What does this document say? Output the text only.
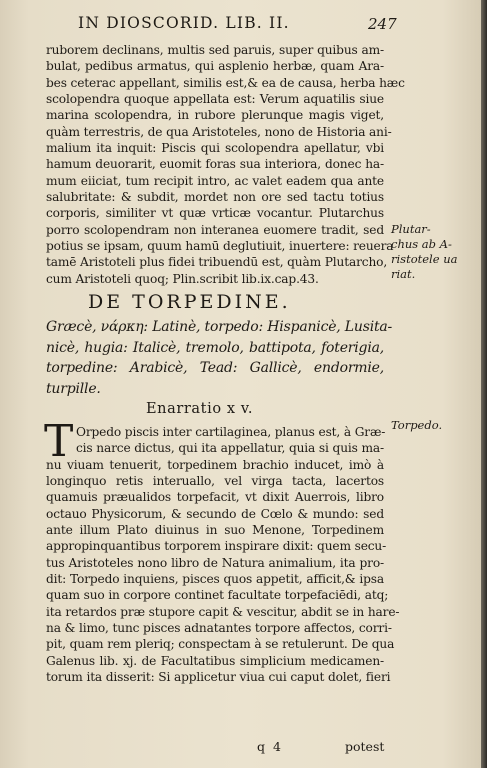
IN DIOSCORID. LIB. II.	247
ruborem declinans, multis sed paruis, super quibus am-
bulat, pedibus armatus, qui asplenio herbæ, quam Ara-
bes ceterac appellant, similis est,& ea de causa, herba hæc
scolopendra quoque appellata est: Verum aquatilis siue
marina scolopendra, in rubore plerunque magis viget,
quàm terrestris, de qua Aristoteles, nono de Historia ani-
malium ita inquit: Piscis qui scolopendra apellatur, vbi
hamum deuorarit, euomit foras sua interiora, donec ha-
mum eiiciat, tum recipit intro, ac valet eadem qua ante
salubritate: & subdit, mordet non ore sed tactu totius
corporis, similiter vt quæ vrticæ vocantur. Plutarchus
porro scolopendram non interanea euomere tradit, sed
potius se ipsam, quum hamū deglutiuit, inuertere: reuera
tamē Aristoteli plus fidei tribuendū est, quàm Plutarcho,
cum Aristoteli quoq; Plin.scribit lib.ix.cap.43.
Plutar-
chus ab A-
ristotele ua
riat.
DE TORPEDINE.
Græcè, νάρκη: Latinè, torpedo: Hispanicè, Lusita-
nicè, hugia: Italicè, tremolo, battipota, foterigia,
torpedine: Arabicè, Tead: Gallicè, endormie,
turpille.
Enarratio x v.
T Orpedo piscis inter cartilaginea, planus est, à Græ-
cis narce dictus, qui ita appellatur, quia si quis ma-
nu viuam tenuerit, torpedinem brachio inducet, imò à
longinquo retis interuallo, vel virga tacta, lacertos
quamuis præualidos torpefacit, vt dixit Auerrois, libro
octauo Physicorum, & secundo de Cœlo & mundo: sed
ante illum Plato diuinus in suo Menone, Torpedinem
appropinquantibus torporem inspirare dixit: quem secu-
tus Aristoteles nono libro de Natura animalium, ita pro-
dit: Torpedo inquiens, pisces quos appetit, afficit,& ipsa
quam suo in corpore continet facultate torpefaciēdi, atq;
ita retardos præ stupore capit & vescitur, abdit se in hare-
na & limo, tunc pisces adnatantes torpore affectos, corri-
pit, quam rem pleriq; conspectam à se retulerunt. De qua
Galenus lib. xj. de Facultatibus simplicium medicamen-
torum ita disserit: Si applicetur viua cui caput dolet, fieri
Torpedo.
q 4	potest
